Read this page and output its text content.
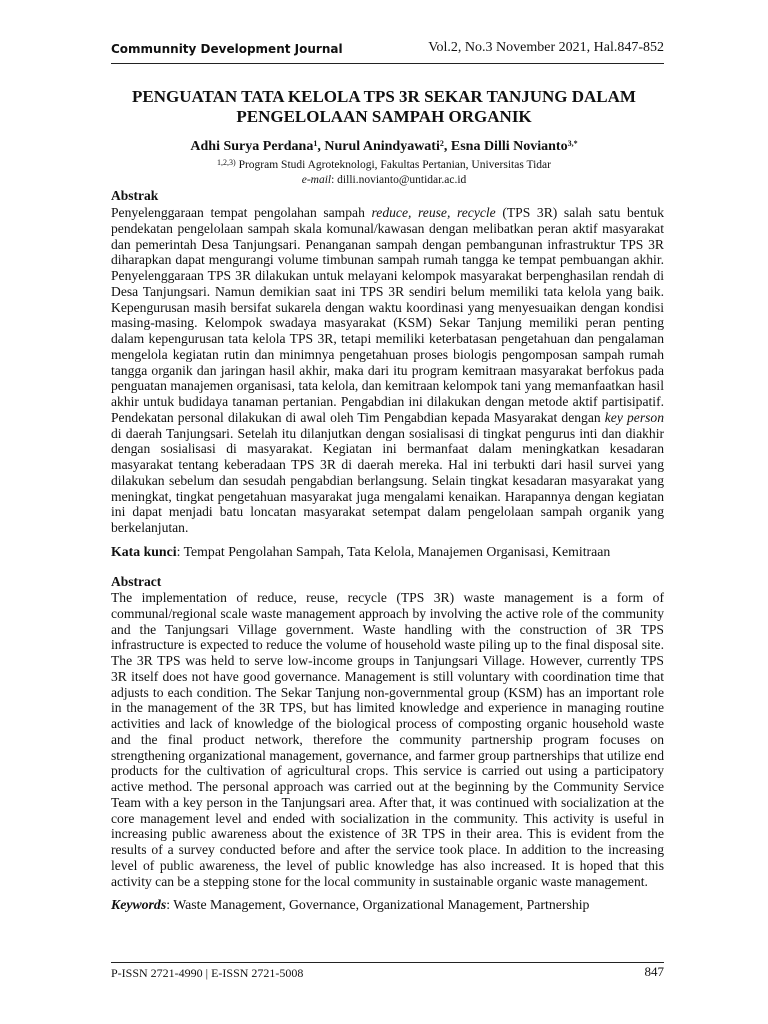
Communnity Development Journal	Vol.2, No.3 November 2021, Hal.847-852
PENGUATAN TATA KELOLA TPS 3R SEKAR TANJUNG DALAM
PENGELOLAAN SAMPAH ORGANIK
Adhi Surya Perdana$^1$, Nurul Anindyawati$^2$, Esna Dilli Novianto$^{3,*}$
$^{1,2,3)}$ Program Studi Agroteknologi, Fakultas Pertanian, Universitas Tidar
e-mail: dilli.novianto@untidar.ac.id
Abstrak

Penyelenggaraan tempat pengolahan sampah reduce, reuse, recycle (TPS 3R) salah satu bentuk pendekatan pengelolaan sampah skala komunal/kawasan dengan melibatkan peran aktif masyarakat dan pemerintah Desa Tanjungsari. Penanganan sampah dengan pembangunan infrastruktur TPS 3R diharapkan dapat mengurangi volume timbunan sampah rumah tangga ke tempat pembuangan akhir. Penyelenggaraan TPS 3R dilakukan untuk melayani kelompok masyarakat berpenghasilan rendah di Desa Tanjungsari. Namun demikian saat ini TPS 3R sendiri belum memiliki tata kelola yang baik. Kepengurusan masih bersifat sukarela dengan waktu koordinasi yang menyesuaikan dengan kondisi masing-masing. Kelompok swadaya masyarakat (KSM) Sekar Tanjung memiliki peran penting dalam kepengurusan tata kelola TPS 3R, tetapi memiliki keterbatasan pengetahuan dan pengalaman mengelola kegiatan rutin dan minimnya pengetahuan proses biologis pengomposan sampah rumah tangga organik dan jaringan hasil akhir, maka dari itu program kemitraan masyarakat berfokus pada penguatan manajemen organisasi, tata kelola, dan kemitraan kelompok tani yang memanfaatkan hasil akhir untuk budidaya tanaman pertanian. Pengabdian ini dilakukan dengan metode aktif partisipatif. Pendekatan personal dilakukan di awal oleh Tim Pengabdian kepada Masyarakat dengan key person di daerah Tanjungsari. Setelah itu dilanjutkan dengan sosialisasi di tingkat pengurus inti dan diakhir dengan sosialisasi di masyarakat. Kegiatan ini bermanfaat dalam meningkatkan kesadaran masyarakat tentang keberadaan TPS 3R di daerah mereka. Hal ini terbukti dari hasil survei yang dilakukan sebelum dan sesudah pengabdian berlangsung. Selain tingkat kesadaran masyarakat yang meningkat, tingkat pengetahuan masyarakat juga mengalami kenaikan. Harapannya dengan kegiatan ini dapat menjadi batu loncatan masyarakat setempat dalam pengelolaan sampah organik yang berkelanjutan.

Kata kunci: Tempat Pengolahan Sampah, Tata Kelola, Manajemen Organisasi, Kemitraan
Abstract

The implementation of reduce, reuse, recycle (TPS 3R) waste management is a form of communal/regional scale waste management approach by involving the active role of the community and the Tanjungsari Village government. Waste handling with the construction of 3R TPS infrastructure is expected to reduce the volume of household waste piling up to the final disposal site. The 3R TPS was held to serve low-income groups in Tanjungsari Village. However, currently TPS 3R itself does not have good governance. Management is still voluntary with coordination time that adjusts to each condition. The Sekar Tanjung non-governmental group (KSM) has an important role in the management of the 3R TPS, but has limited knowledge and experience in managing routine activities and lack of knowledge of the biological process of composting organic household waste and the final product network, therefore the community partnership program focuses on strengthening organizational management, governance, and farmer group partnerships that utilize end products for the cultivation of agricultural crops. This service is carried out using a participatory active method. The personal approach was carried out at the beginning by the Community Service Team with a key person in the Tanjungsari area. After that, it was continued with socialization at the core management level and ended with socialization in the community. This activity is useful in increasing public awareness about the existence of 3R TPS in their area. This is evident from the results of a survey conducted before and after the service took place. In addition to the increasing level of public awareness, the level of public knowledge has also increased. It is hoped that this activity can be a stepping stone for the local community in sustainable organic waste management.

Keywords: Waste Management, Governance, Organizational Management, Partnership
P-ISSN 2721-4990 | E-ISSN 2721-5008	847
